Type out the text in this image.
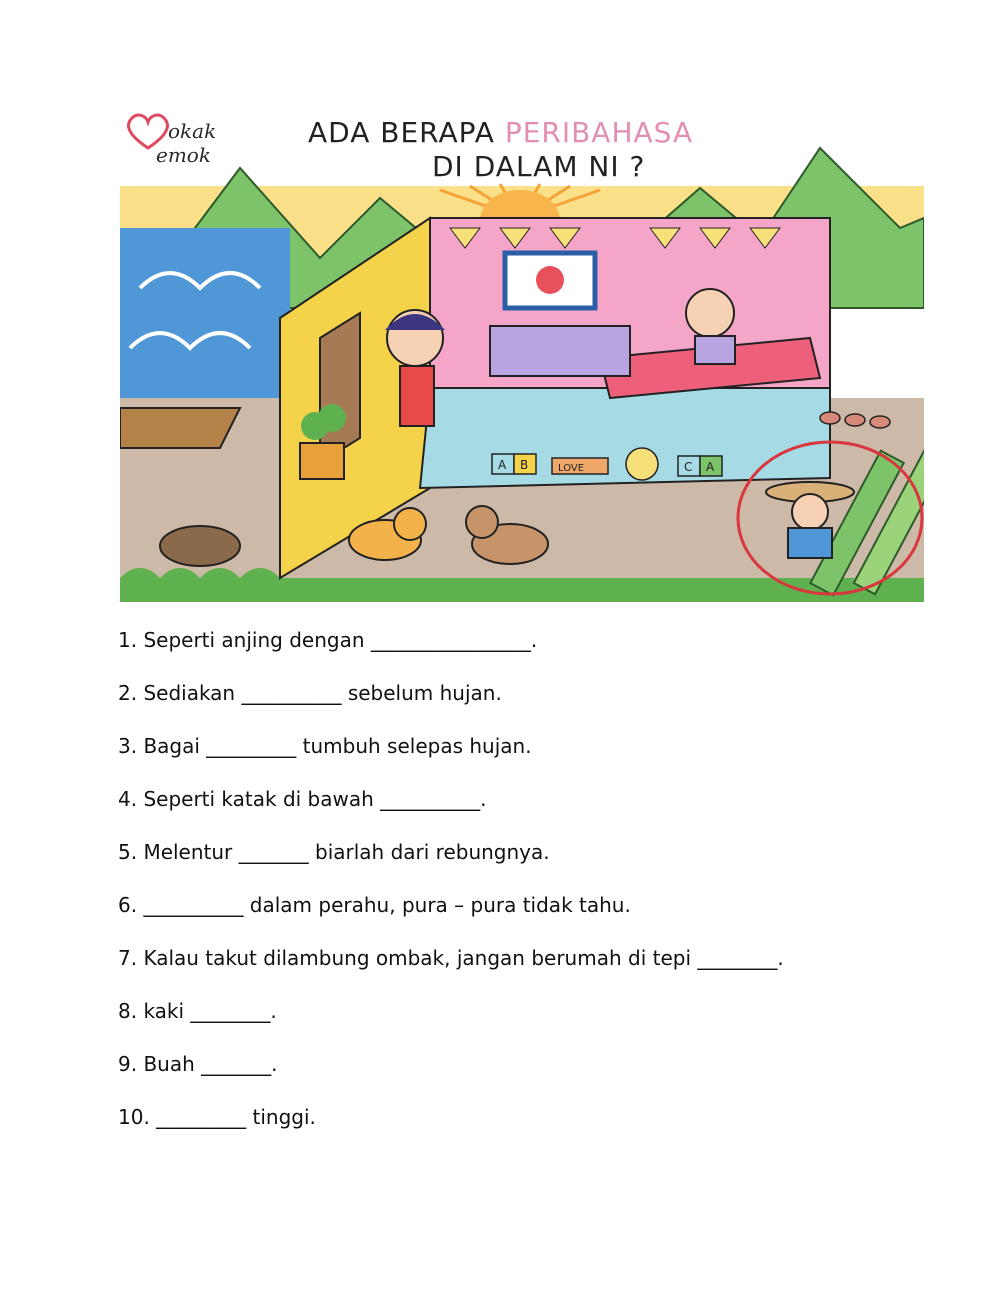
okak
emok
ADA BERAPA PERIBAHASA
DI DALAM NI ?
A B	LOVE	C A
1. Seperti anjing dengan ________________.
2. Sediakan __________ sebelum hujan.
3. Bagai _________ tumbuh selepas hujan.
4. Seperti katak di bawah __________.
5. Melentur _______ biarlah dari rebungnya.
6. __________ dalam perahu, pura – pura tidak tahu.
7. Kalau takut dilambung ombak, jangan berumah di tepi ________.
8. kaki ________.
9. Buah _______.
10. _________ tinggi.
